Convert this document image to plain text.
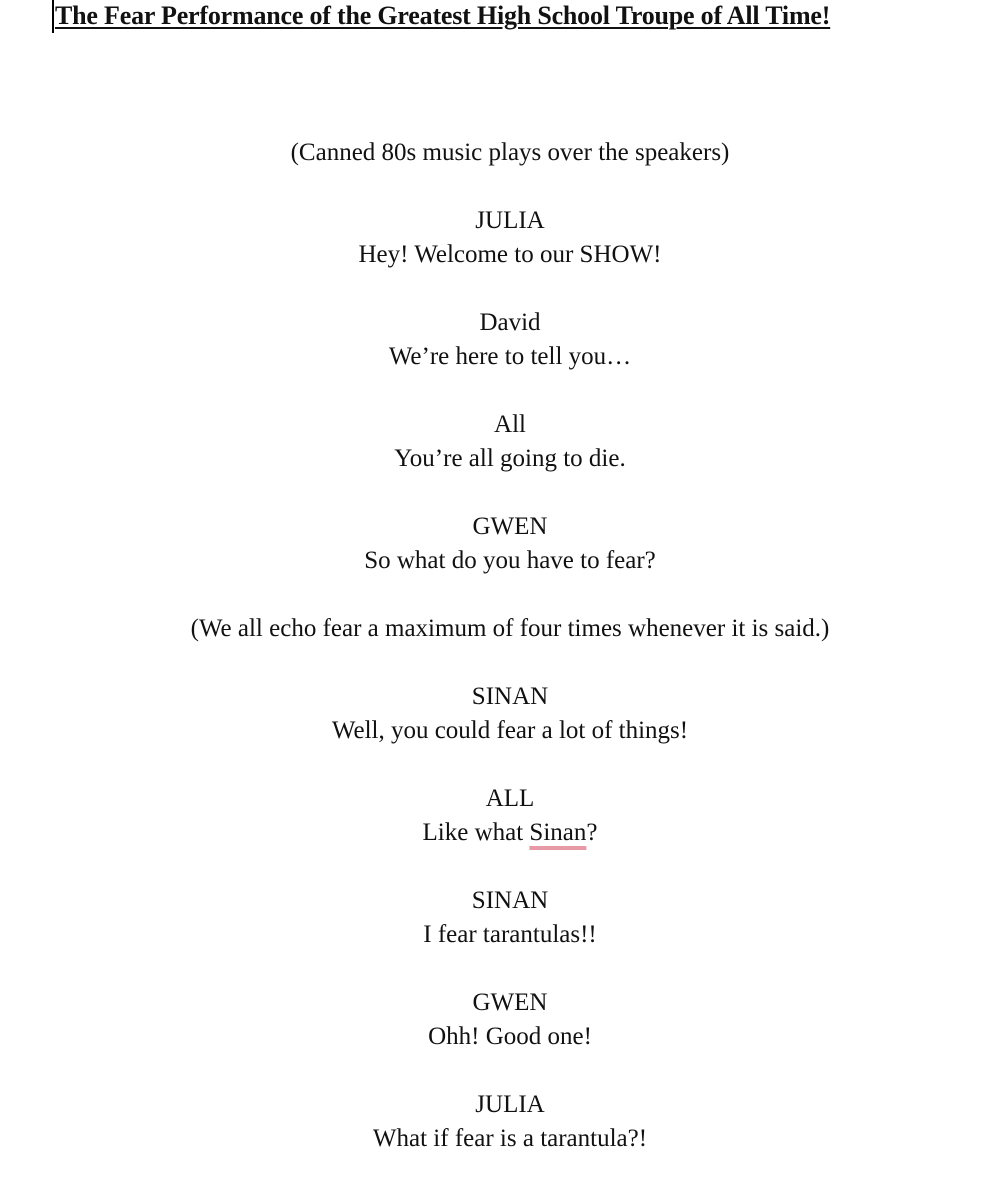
The Fear Performance of the Greatest High School Troupe of All Time!
(Canned 80s music plays over the speakers)
JULIA
Hey! Welcome to our SHOW!
David
We’re here to tell you…
All
You’re all going to die.
GWEN
So what do you have to fear?
(We all echo fear a maximum of four times whenever it is said.)
SINAN
Well, you could fear a lot of things!
ALL
Like what Sinan?
SINAN
I fear tarantulas!!
GWEN
Ohh! Good one!
JULIA
What if fear is a tarantula?!
